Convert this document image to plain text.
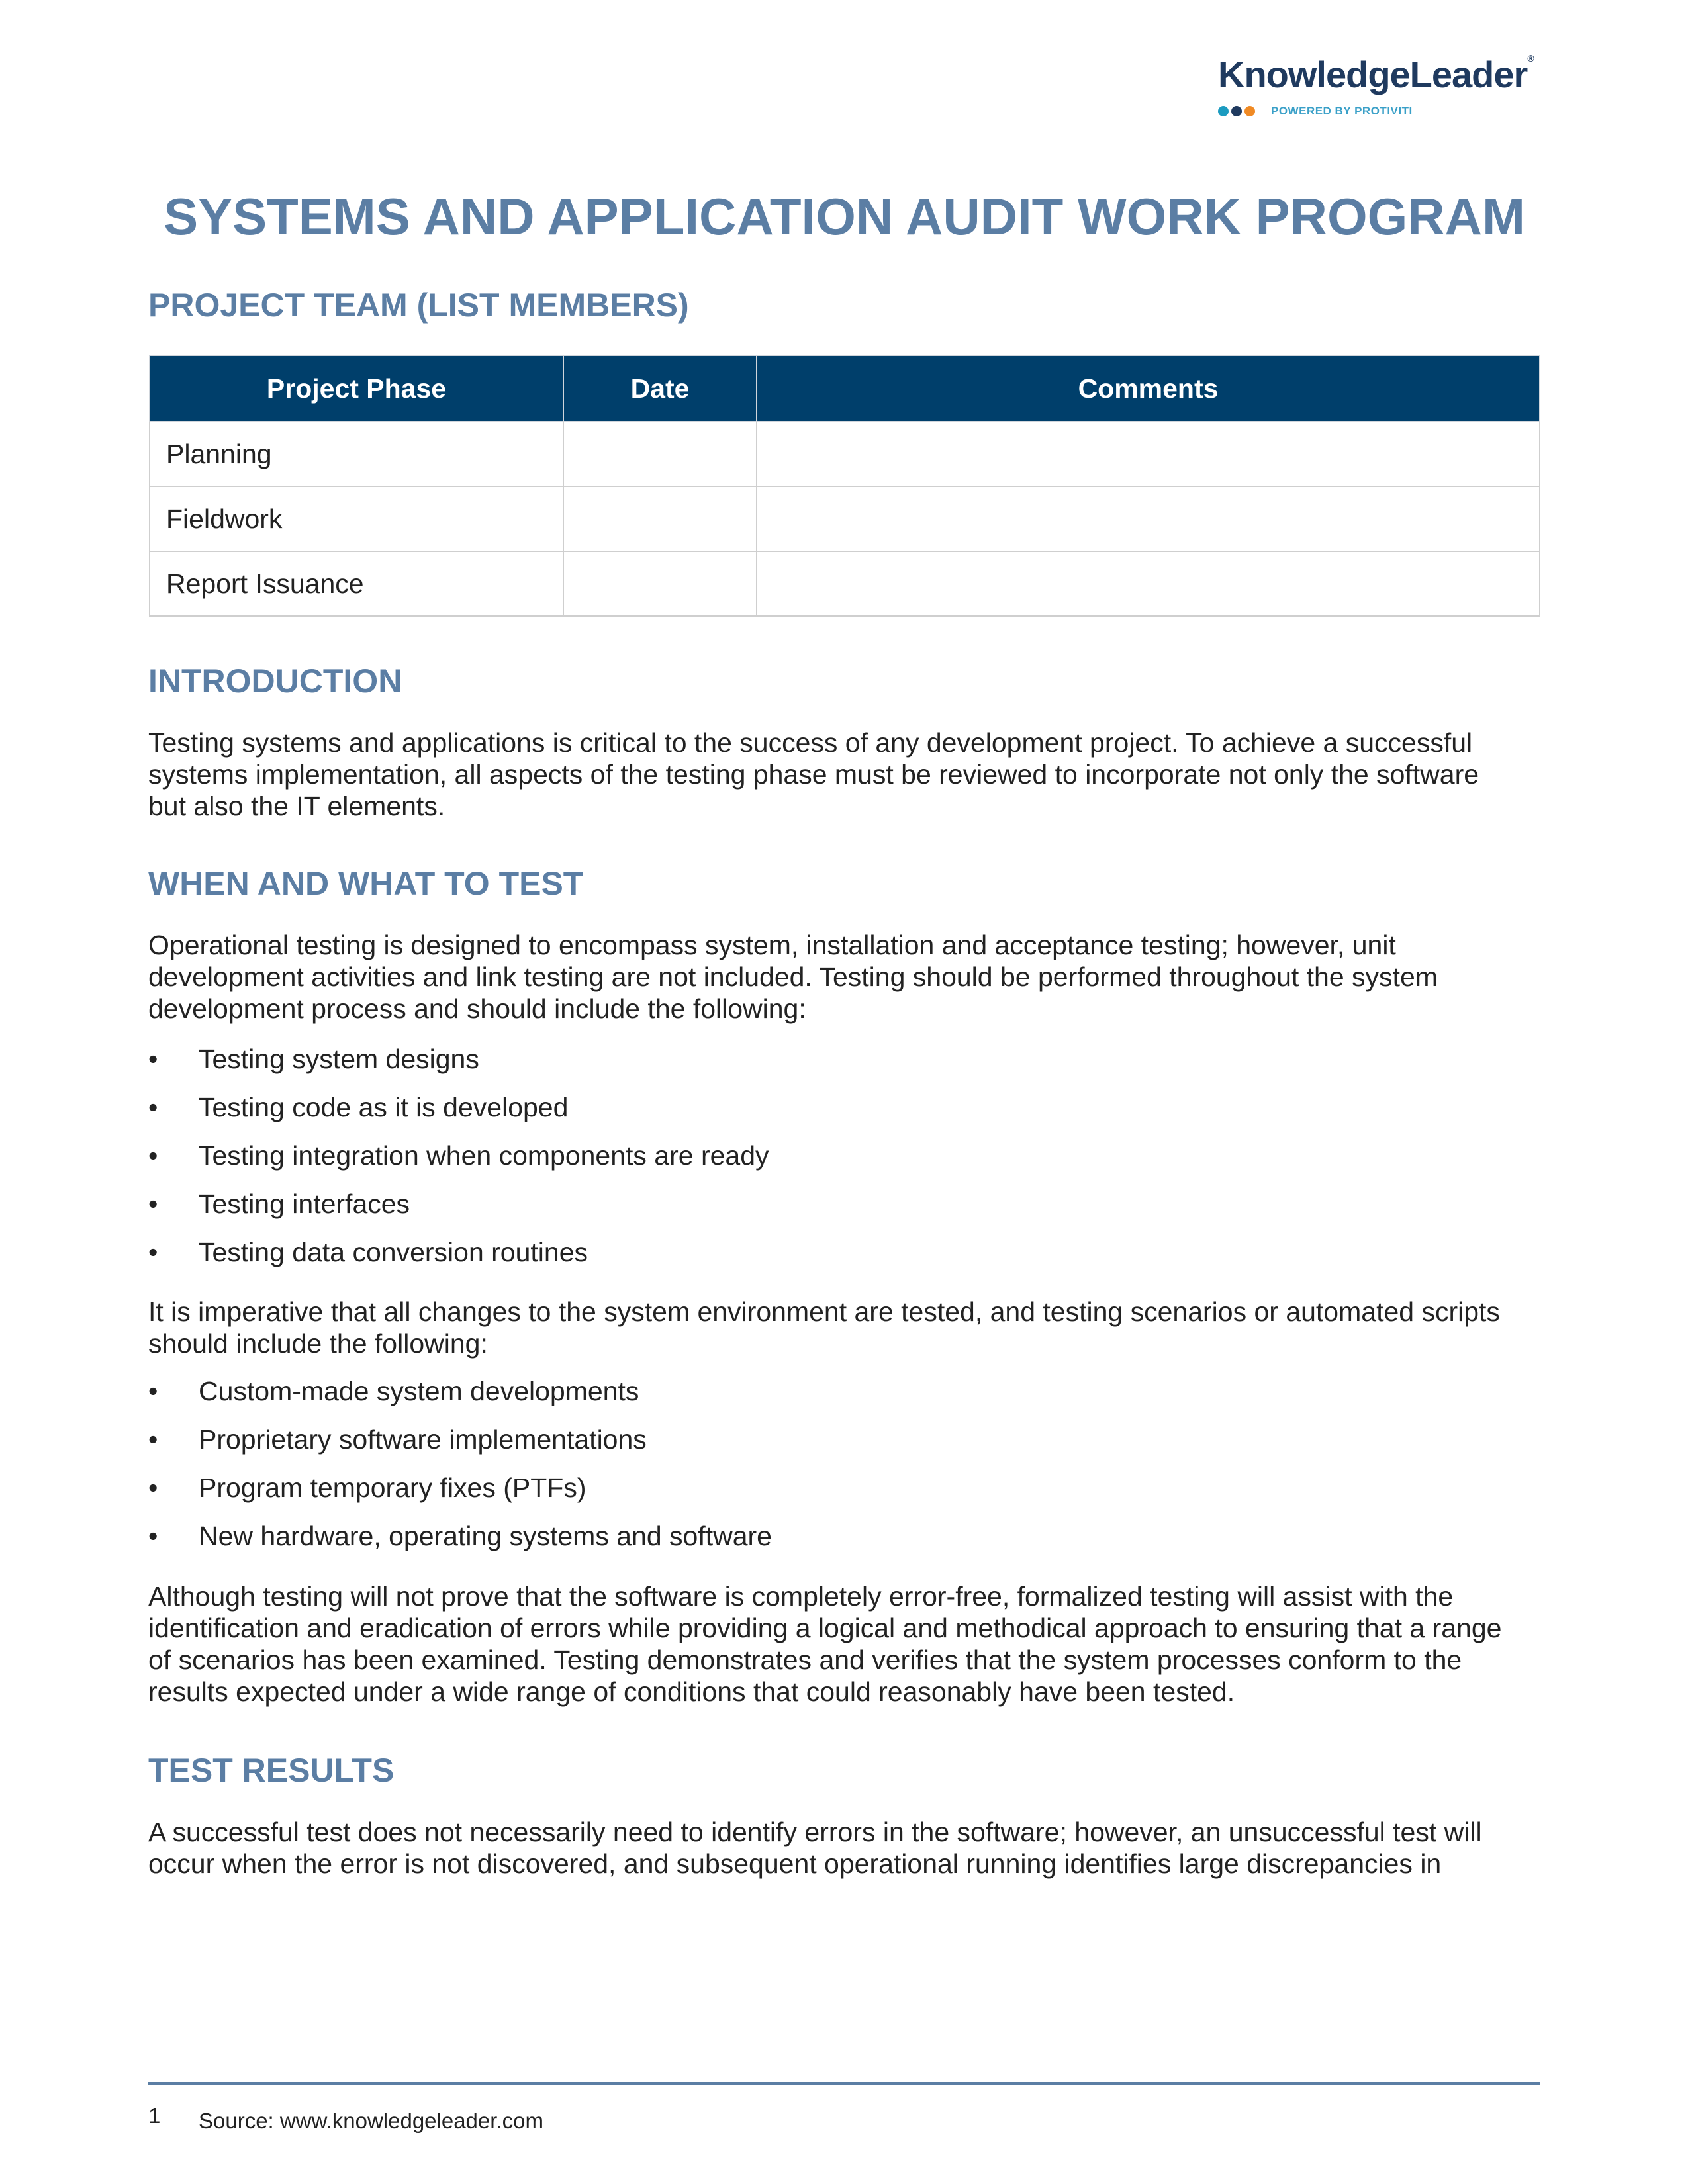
KnowledgeLeader®
POWERED BY PROTIVITI
SYSTEMS AND APPLICATION AUDIT WORK PROGRAM
PROJECT TEAM (LIST MEMBERS)
Project Phase	Date	Comments
Planning		
Fieldwork		
Report Issuance		
INTRODUCTION
Testing systems and applications is critical to the success of any development project. To achieve a successful
systems implementation, all aspects of the testing phase must be reviewed to incorporate not only the software
but also the IT elements.
WHEN AND WHAT TO TEST
Operational testing is designed to encompass system, installation and acceptance testing; however, unit
development activities and link testing are not included. Testing should be performed throughout the system
development process and should include the following:
•	Testing system designs
•	Testing code as it is developed
•	Testing integration when components are ready
•	Testing interfaces
•	Testing data conversion routines
It is imperative that all changes to the system environment are tested, and testing scenarios or automated scripts
should include the following:
•	Custom-made system developments
•	Proprietary software implementations
•	Program temporary fixes (PTFs)
•	New hardware, operating systems and software
Although testing will not prove that the software is completely error-free, formalized testing will assist with the
identification and eradication of errors while providing a logical and methodical approach to ensuring that a range
of scenarios has been examined. Testing demonstrates and verifies that the system processes conform to the
results expected under a wide range of conditions that could reasonably have been tested.
TEST RESULTS
A successful test does not necessarily need to identify errors in the software; however, an unsuccessful test will
occur when the error is not discovered, and subsequent operational running identifies large discrepancies in
1 Source: www.knowledgeleader.com
